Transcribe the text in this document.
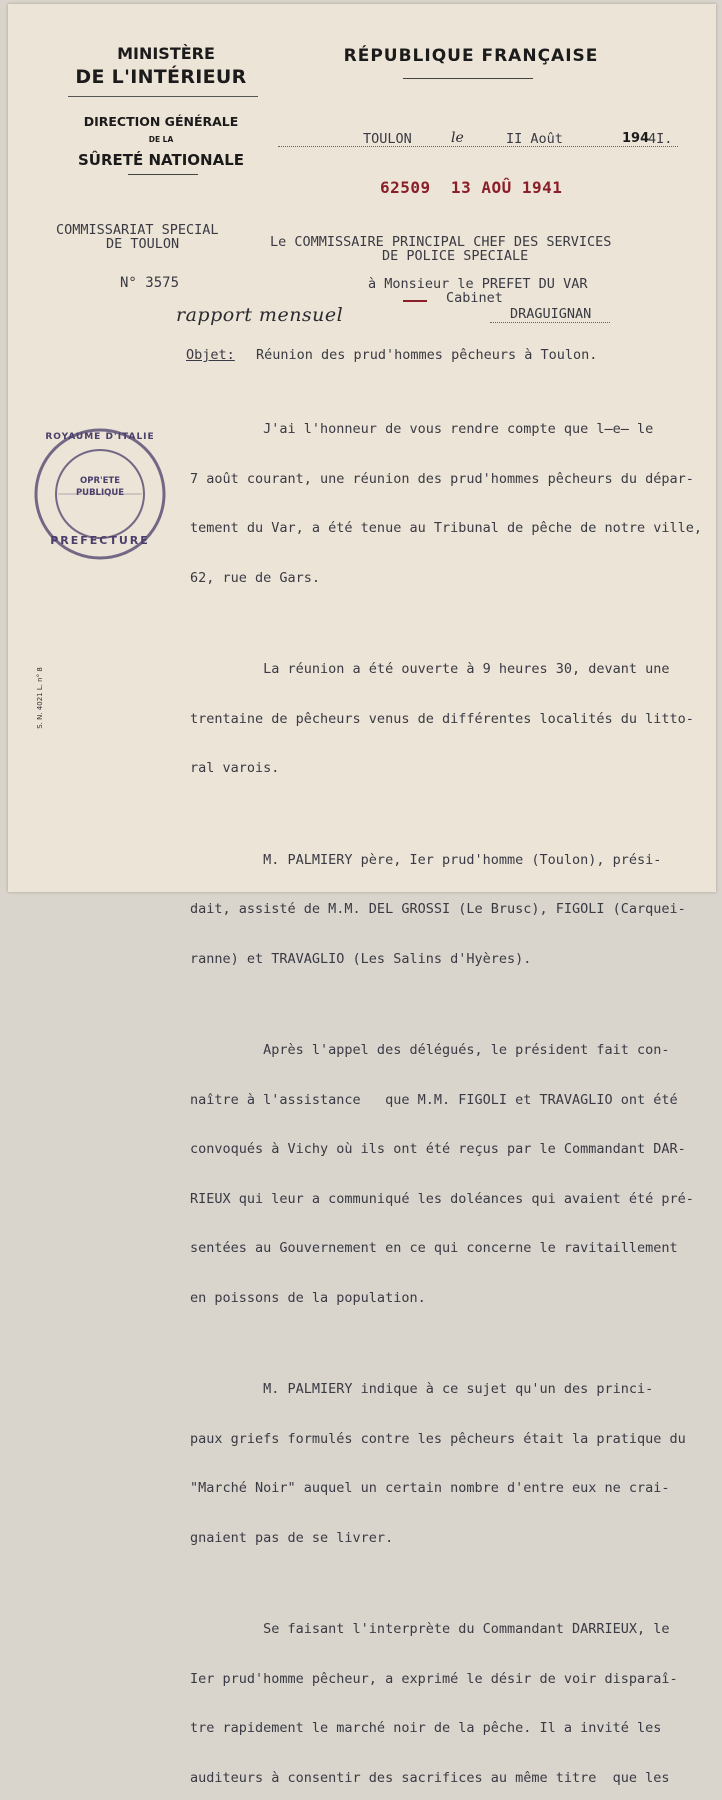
MINISTÈRE
DE L'INTÉRIEUR
DIRECTION GÉNÉRALE
DE LA
SÛRETÉ NATIONALE
COMMISSARIAT SPECIAL
DE TOULON
N° 3575
RÉPUBLIQUE FRANÇAISE
TOULON	le	II Août	194
4I.
62509  13 AOÛ 1941
Le COMMISSAIRE PRINCIPAL CHEF DES SERVICES
DE POLICE SPECIALE
à Monsieur le PREFET DU VAR
Cabinet
DRAGUIGNAN
rapport mensuel
S. N. 4021 L. n° 8
ROYAUME D'ITALIE
OPR'ETE
PUBLIQUE
PREFECTURE
Objet: Réunion des prud'hommes pêcheurs à Toulon.

J'ai l'honneur de vous rendre compte que l̶e̶ le

7 août courant, une réunion des prud'hommes pêcheurs du dépar-

tement du Var, a été tenue au Tribunal de pêche de notre ville,

62, rue de Gars.

La réunion a été ouverte à 9 heures 30, devant une

trentaine de pêcheurs venus de différentes localités du litto-

ral varois.

M. PALMIERY père, Ier prud'homme (Toulon), prési-

dait, assisté de M.M. DEL GROSSI (Le Brusc), FIGOLI (Carquei-

ranne) et TRAVAGLIO (Les Salins d'Hyères).

Après l'appel des délégués, le président fait con-

naître à l'assistance   que M.M. FIGOLI et TRAVAGLIO ont été

convoqués à Vichy où ils ont été reçus par le Commandant DAR-

RIEUX qui leur a communiqué les doléances qui avaient été pré-

sentées au Gouvernement en ce qui concerne le ravitaillement

en poissons de la population.

M. PALMIERY indique à ce sujet qu'un des princi-

paux griefs formulés contre les pêcheurs était la pratique du

"Marché Noir" auquel un certain nombre d'entre eux ne crai-

gnaient pas de se livrer.

Se faisant l'interprète du Commandant DARRIEUX, le

Ier prud'homme pêcheur, a exprimé le désir de voir disparaî-

tre rapidement le marché noir de la pêche. Il a invité les

auditeurs à consentir des sacrifices au même titre  que les
